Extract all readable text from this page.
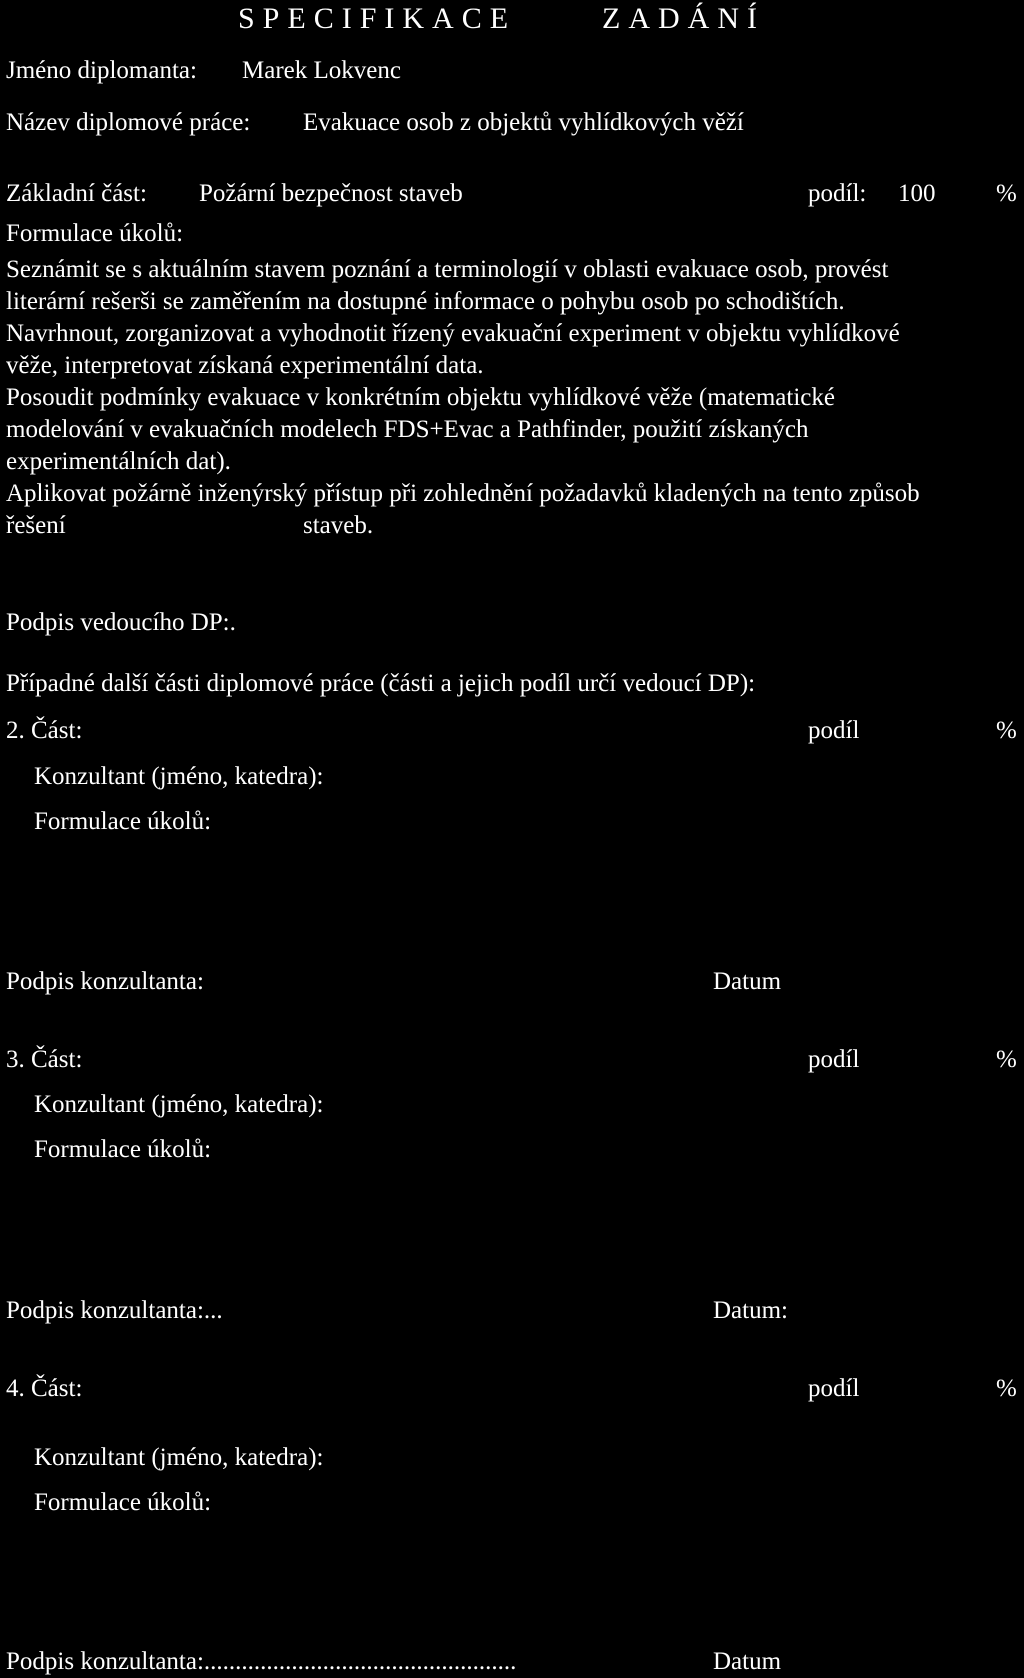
SPECIFIKACE	ZADÁNÍ
Jméno diplomanta: Marek Lokvenc
Název diplomové práce: Evakuace osob z objektů vyhlídkových věží
Základní část: Požární bezpečnost staveb	podíl: 100 %
Formulace úkolů:
Seznámit se s aktuálním stavem poznání a terminologií v oblasti evakuace osob, provést
literární rešerši se zaměřením na dostupné informace o pohybu osob po schodištích.
Navrhnout, zorganizovat a vyhodnotit řízený evakuační experiment v objektu vyhlídkové
věže, interpretovat získaná experimentální data.
Posoudit podmínky evakuace v konkrétním objektu vyhlídkové věže (matematické
modelování v evakuačních modelech FDS+Evac a Pathfinder, použití získaných
experimentálních dat).
Aplikovat požárně inženýrský přístup při zohlednění požadavků kladených na tento způsob
řešení	staveb.
Podpis vedoucího DP:.
Případné další části diplomové práce (části a jejich podíl určí vedoucí DP):
2. Část:	podíl	%
Konzultant (jméno, katedra):
Formulace úkolů:
Podpis konzultanta:	Datum
3. Část:	podíl	%
Konzultant (jméno, katedra):
Formulace úkolů:
Podpis konzultanta:...	Datum:
4. Část:	podíl	%
Konzultant (jméno, katedra):
Formulace úkolů:
Podpis konzultanta:..................................................	Datum
